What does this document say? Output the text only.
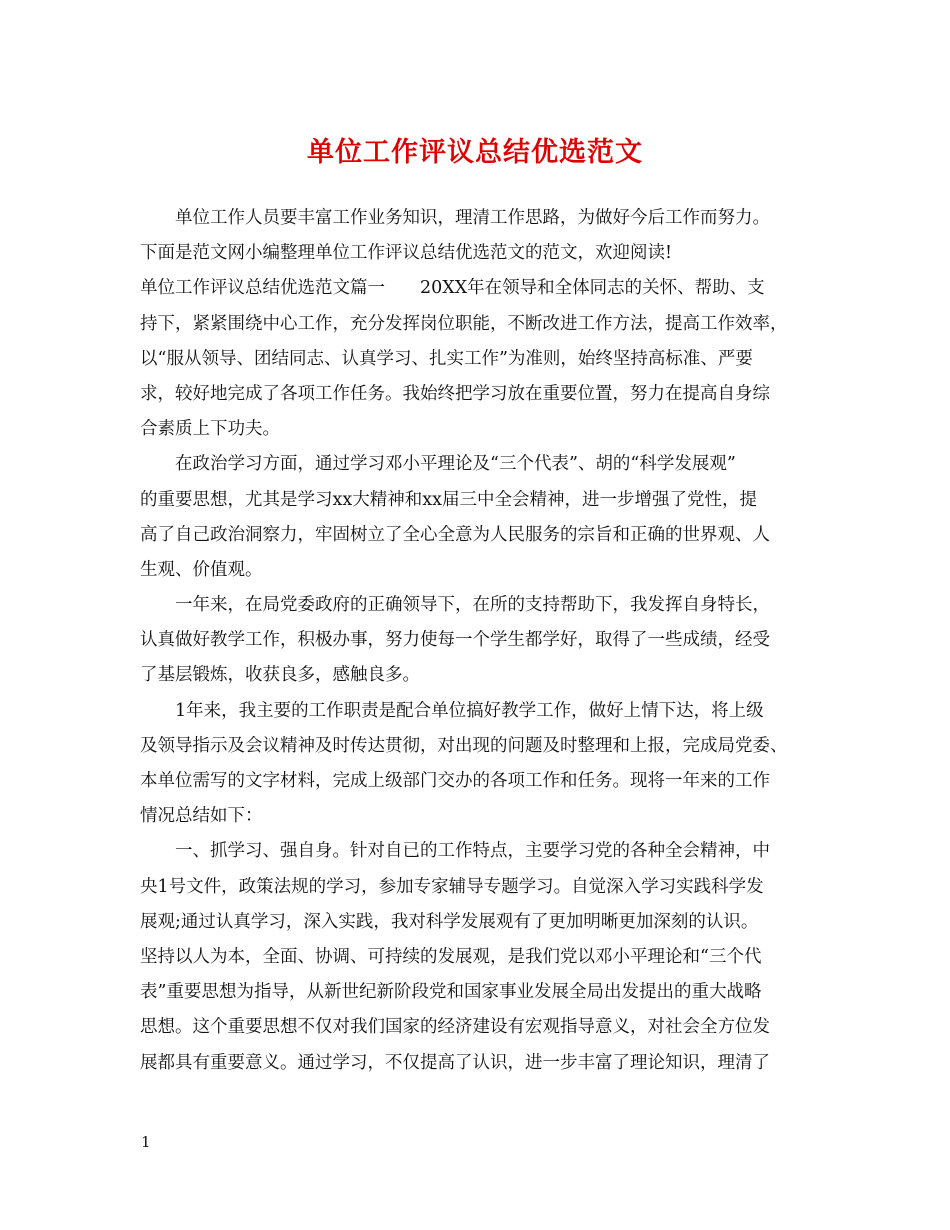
单位工作评议总结优选范文
单位工作人员要丰富工作业务知识，理清工作思路，为做好今后工作而努力。
下面是范文网小编整理单位工作评议总结优选范文的范文，欢迎阅读!
单位工作评议总结优选范文篇一　　20XX年在领导和全体同志的关怀、帮助、支
持下，紧紧围绕中心工作，充分发挥岗位职能，不断改进工作方法，提高工作效率，
以“服从领导、团结同志、认真学习、扎实工作”为准则，始终坚持高标准、严要
求，较好地完成了各项工作任务。我始终把学习放在重要位置，努力在提高自身综
合素质上下功夫。
在政治学习方面，通过学习邓小平理论及“三个代表”、胡的“科学发展观”
的重要思想，尤其是学习xx大精神和xx届三中全会精神，进一步增强了党性，提
高了自己政治洞察力，牢固树立了全心全意为人民服务的宗旨和正确的世界观、人
生观、价值观。
一年来，在局党委政府的正确领导下，在所的支持帮助下，我发挥自身特长，
认真做好教学工作，积极办事，努力使每一个学生都学好，取得了一些成绩，经受
了基层锻炼，收获良多，感触良多。
1年来，我主要的工作职责是配合单位搞好教学工作，做好上情下达，将上级
及领导指示及会议精神及时传达贯彻，对出现的问题及时整理和上报，完成局党委、
本单位需写的文字材料，完成上级部门交办的各项工作和任务。现将一年来的工作
情况总结如下：
一、抓学习、强自身。针对自已的工作特点，主要学习党的各种全会精神，中
央1号文件，政策法规的学习，参加专家辅导专题学习。自觉深入学习实践科学发
展观;通过认真学习，深入实践，我对科学发展观有了更加明晰更加深刻的认识。
坚持以人为本，全面、协调、可持续的发展观，是我们党以邓小平理论和“三个代
表”重要思想为指导，从新世纪新阶段党和国家事业发展全局出发提出的重大战略
思想。这个重要思想不仅对我们国家的经济建设有宏观指导意义，对社会全方位发
展都具有重要意义。通过学习，不仅提高了认识，进一步丰富了理论知识，理清了
1
